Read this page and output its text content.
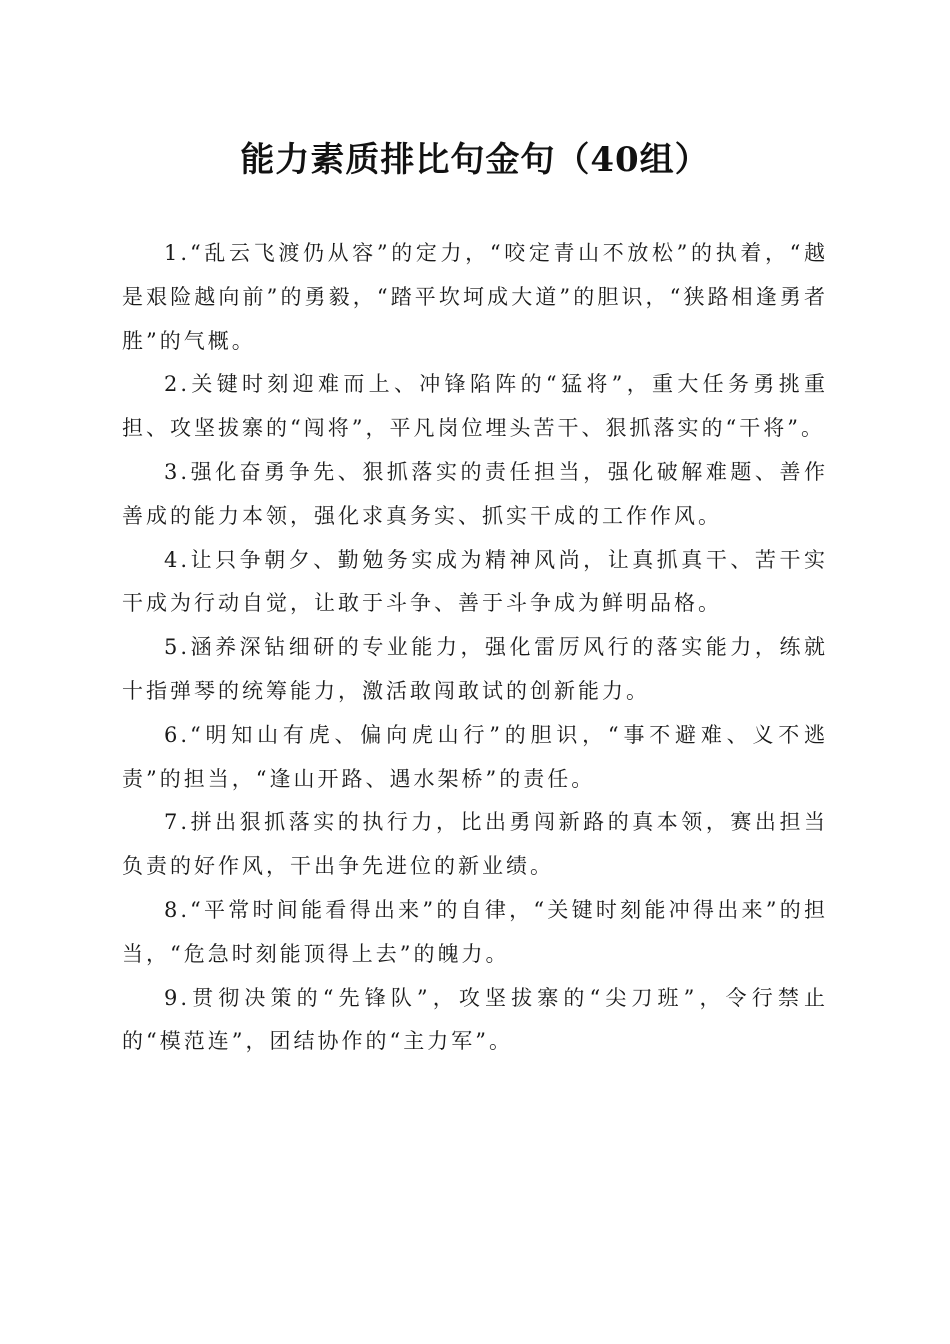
能力素质排比句金句（40组）

1.“乱云飞渡仍从容”的定力，“咬定青山不放松”的执着，“越是艰险越向前”的勇毅，“踏平坎坷成大道”的胆识，“狭路相逢勇者胜”的气概。

2.关键时刻迎难而上、冲锋陷阵的“猛将”，重大任务勇挑重担、攻坚拔寨的“闯将”，平凡岗位埋头苦干、狠抓落实的“干将”。

3.强化奋勇争先、狠抓落实的责任担当，强化破解难题、善作善成的能力本领，强化求真务实、抓实干成的工作作风。

4.让只争朝夕、勤勉务实成为精神风尚，让真抓真干、苦干实干成为行动自觉，让敢于斗争、善于斗争成为鲜明品格。

5.涵养深钻细研的专业能力，强化雷厉风行的落实能力，练就十指弹琴的统筹能力，激活敢闯敢试的创新能力。

6.“明知山有虎、偏向虎山行”的胆识，“事不避难、义不逃责”的担当，“逢山开路、遇水架桥”的责任。

7.拼出狠抓落实的执行力，比出勇闯新路的真本领，赛出担当负责的好作风，干出争先进位的新业绩。

8.“平常时间能看得出来”的自律，“关键时刻能冲得出来”的担当，“危急时刻能顶得上去”的魄力。

9.贯彻决策的“先锋队”，攻坚拔寨的“尖刀班”，令行禁止的“模范连”，团结协作的“主力军”。
